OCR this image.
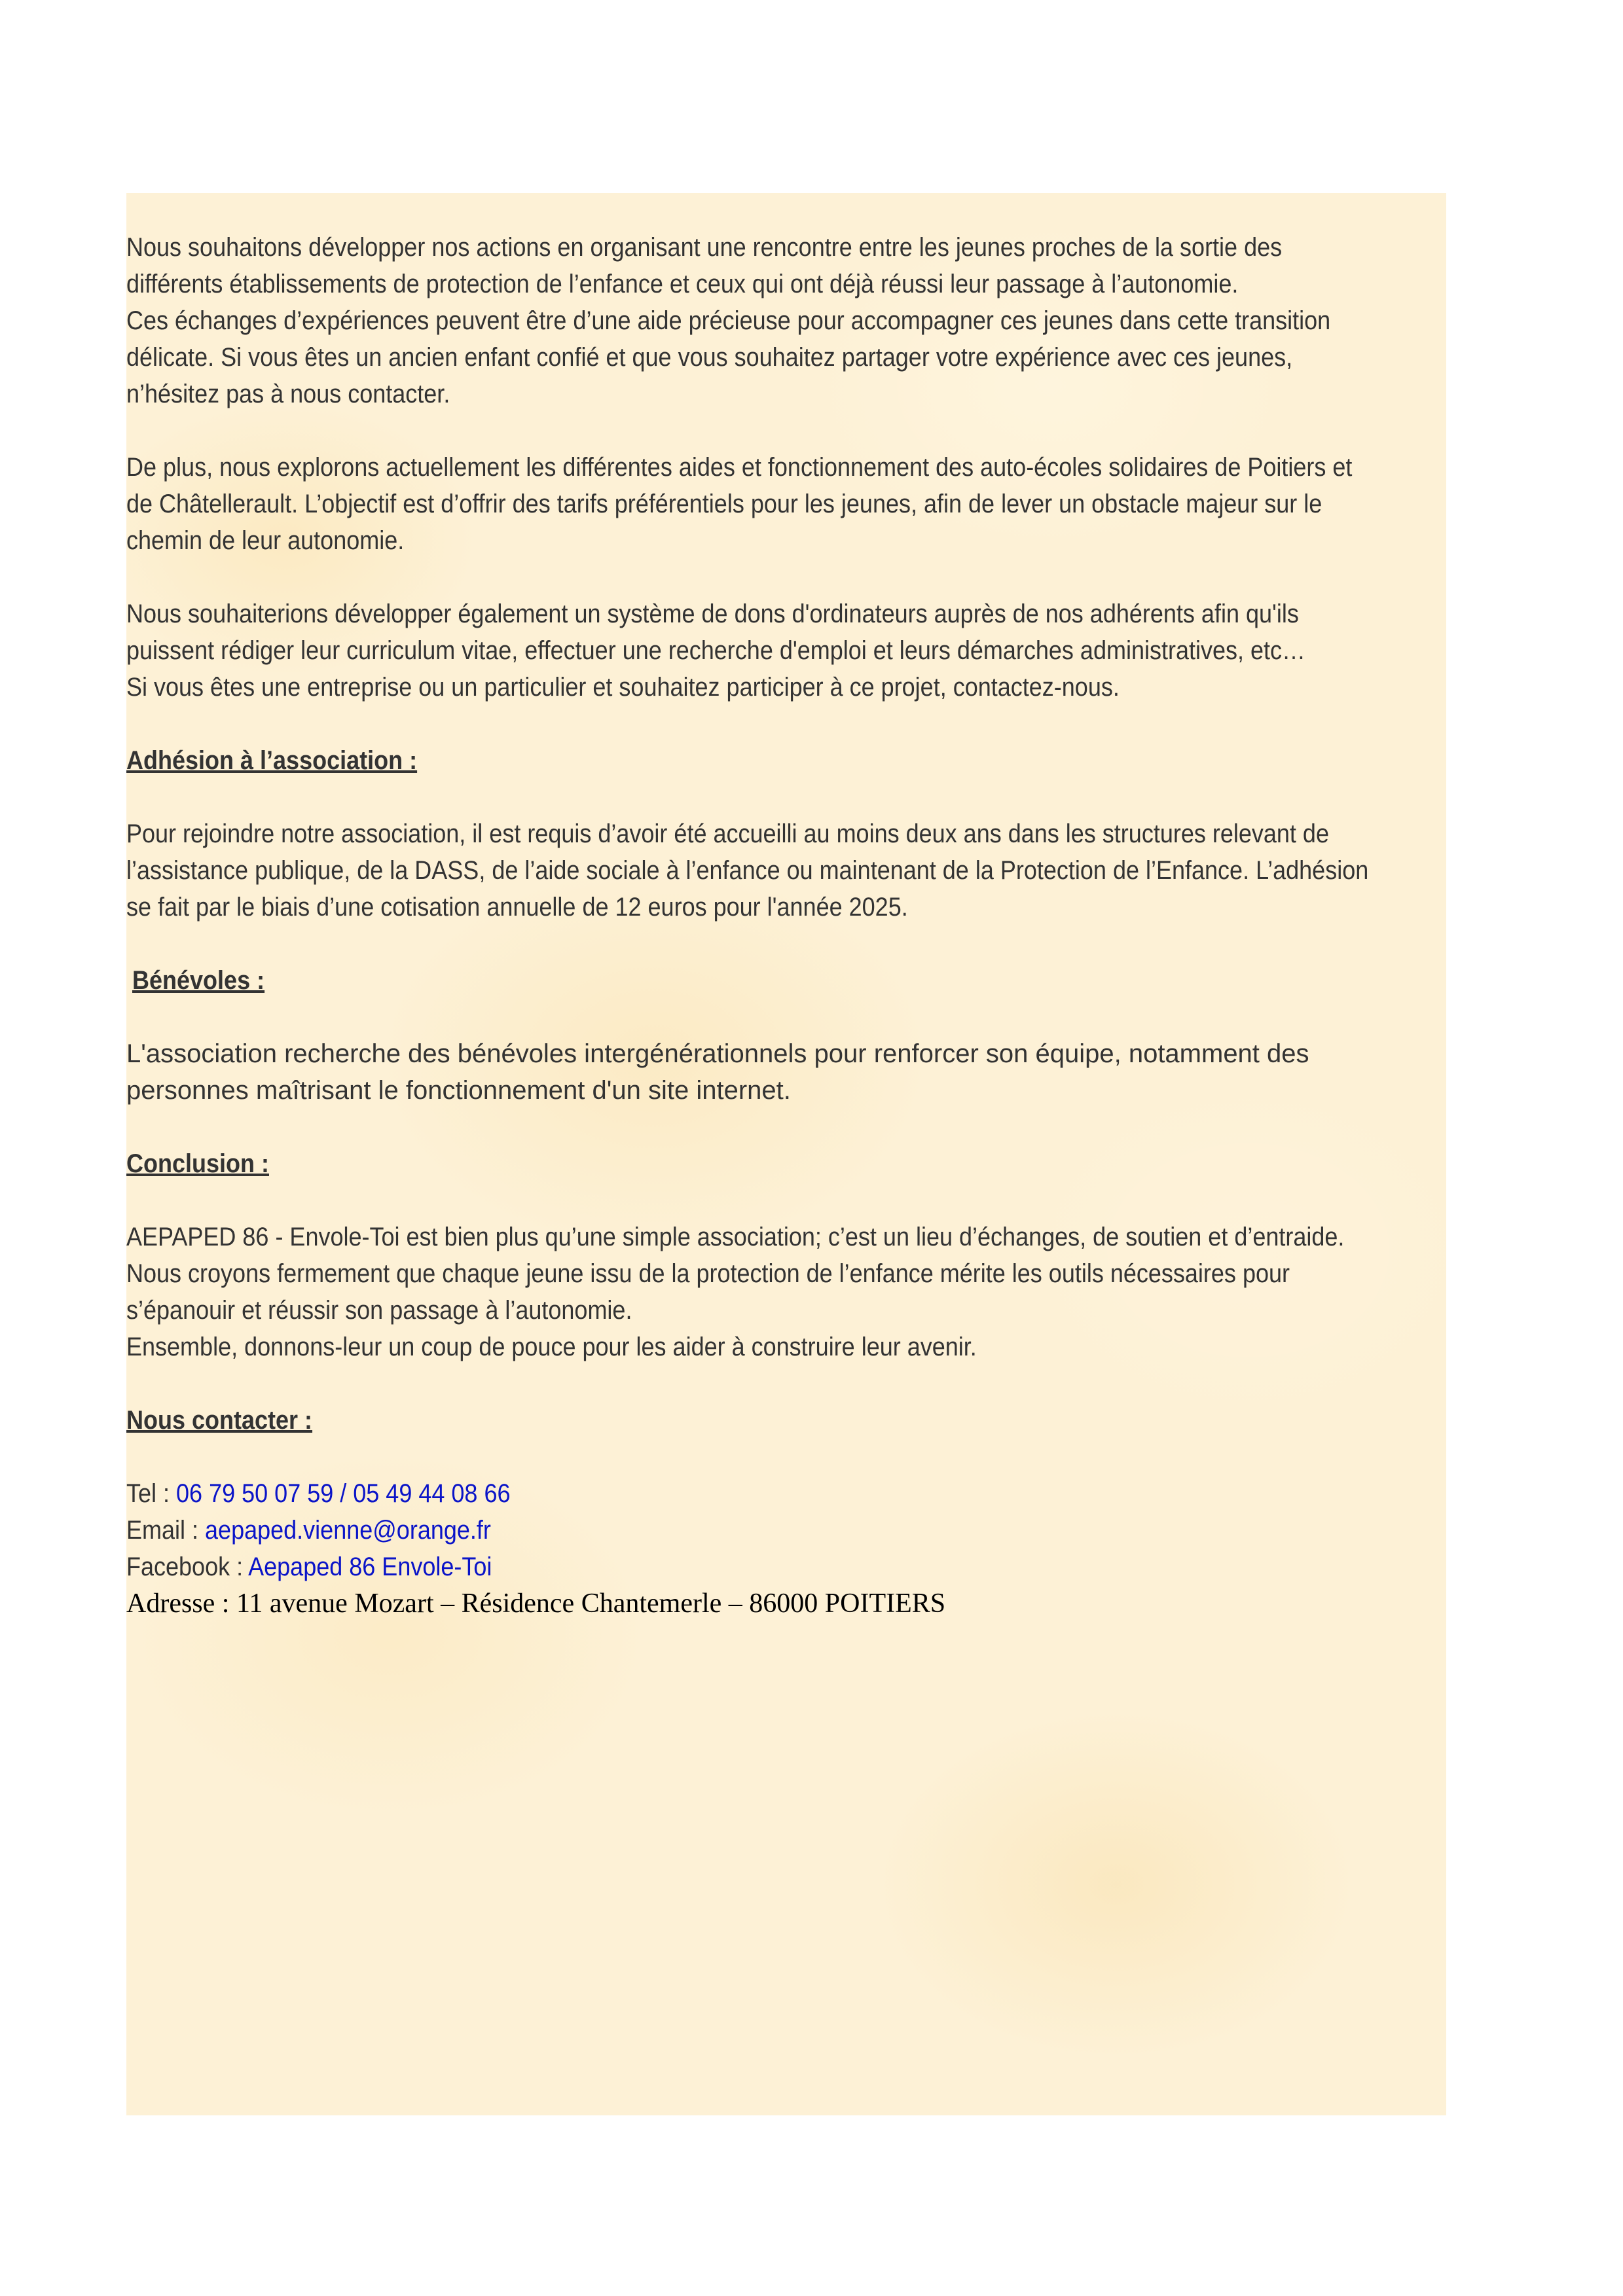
Nous souhaitons développer nos actions en organisant une rencontre entre les jeunes proches de la sortie des
différents établissements de protection de l’enfance et ceux qui ont déjà réussi leur passage à l’autonomie.
Ces échanges d’expériences peuvent être d’une aide précieuse pour accompagner ces jeunes dans cette transition
délicate. Si vous êtes un ancien enfant confié et que vous souhaitez partager votre expérience avec ces jeunes,
n’hésitez pas à nous contacter.
De plus, nous explorons actuellement les différentes aides et fonctionnement des auto-écoles solidaires de Poitiers et
de Châtellerault. L’objectif est d’offrir des tarifs préférentiels pour les jeunes, afin de lever un obstacle majeur sur le
chemin de leur autonomie.
Nous souhaiterions développer également un système de dons d'ordinateurs auprès de nos adhérents afin qu'ils
puissent rédiger leur curriculum vitae, effectuer une recherche d'emploi et leurs démarches administratives, etc…
Si vous êtes une entreprise ou un particulier et souhaitez participer à ce projet, contactez-nous.
Adhésion à l’association :
Pour rejoindre notre association, il est requis d’avoir été accueilli au moins deux ans dans les structures relevant de
l’assistance publique, de la DASS, de l’aide sociale à l’enfance ou maintenant de la Protection de l’Enfance. L’adhésion
se fait par le biais d’une cotisation annuelle de 12 euros pour l'année 2025.
Bénévoles :
L'association recherche des bénévoles intergénérationnels pour renforcer son équipe, notamment des
personnes maîtrisant le fonctionnement d'un site internet.
Conclusion :
AEPAPED 86 - Envole-Toi est bien plus qu’une simple association; c’est un lieu d’échanges, de soutien et d’entraide.
Nous croyons fermement que chaque jeune issu de la protection de l’enfance mérite les outils nécessaires pour
s’épanouir et réussir son passage à l’autonomie.
Ensemble, donnons-leur un coup de pouce pour les aider à construire leur avenir.
Nous contacter :
Tel : 06 79 50 07 59 / 05 49 44 08 66
Email : aepaped.vienne@orange.fr
Facebook : Aepaped 86 Envole-Toi
Adresse : 11 avenue Mozart – Résidence Chantemerle – 86000 POITIERS
